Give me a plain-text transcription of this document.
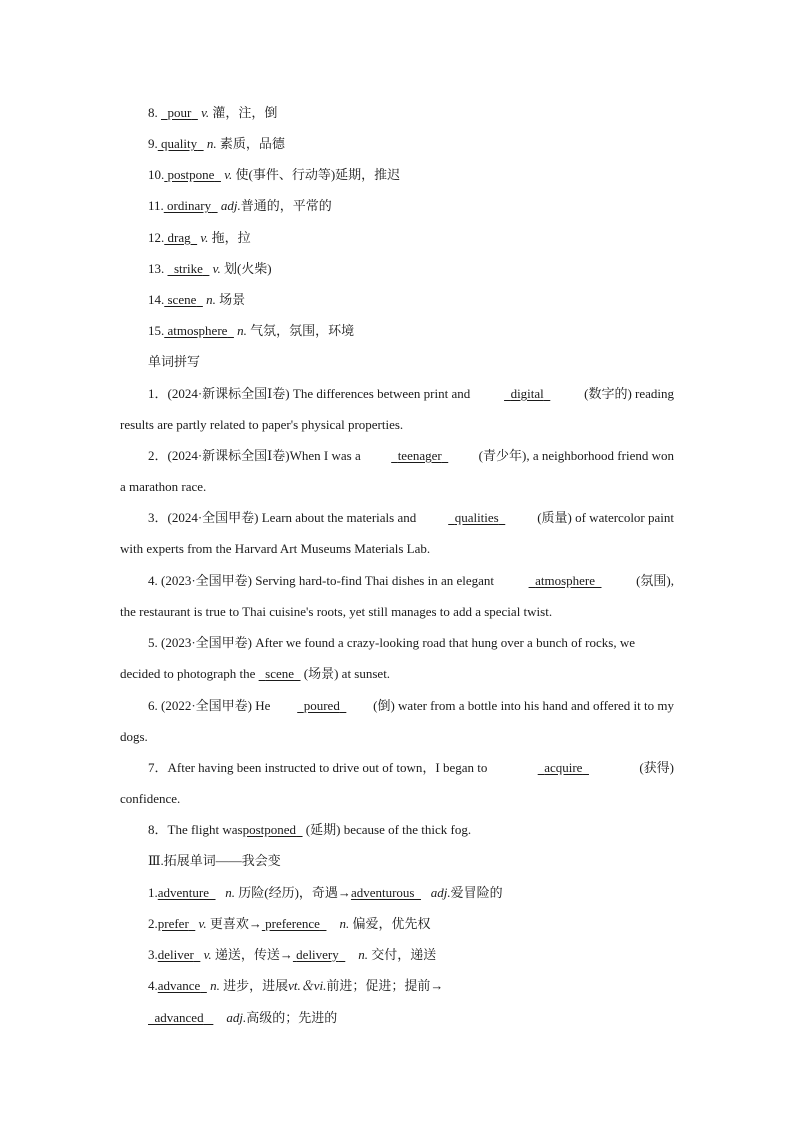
8. pour v. 灌，注，倒
9. quality n. 素质，品德
10. postpone v. 使(事件、行动等)延期，推迟
11. ordinary adj.普通的，平常的
12. drag v. 拖，拉
13. strike v. 划(火柴)
14. scene n. 场景
15. atmosphere n. 气氛，氛围，环境
单词拼写
1．(2024·新课标全国Ⅰ卷) The differences between print and	digital	(数字的) reading
results are partly related to paper's physical properties.
2．(2024·新课标全国Ⅰ卷)When I was a	teenager	(青少年), a neighborhood friend won
a marathon race.
3．(2024·全国甲卷) Learn about the materials and	qualities	(质量) of watercolor paint
with experts from the Harvard Art Museums Materials Lab.
4. (2023·全国甲卷) Serving hard-to-find Thai dishes in an elegant	atmosphere	(氛围),
the restaurant is true to Thai cuisine's roots, yet still manages to add a special twist.
5. (2023·全国甲卷) After we found a crazy-looking road that hung over a bunch of rocks, we
decided to photograph the scene (场景) at sunset.
6. (2022·全国甲卷) He	poured	(倒) water from a bottle into his hand and offered it to my
dogs.
7．After having been instructed to drive out of town，I began to	acquire	(获得)
confidence.
8．The flight waspostponed (延期) because of the thick fog.
Ⅲ.拓展单词——我会变
1.adventure n. 历险(经历)，奇遇→adventurous adj.爱冒险的
2.prefer v. 更喜欢→ preference n. 偏爱，优先权
3.deliver v. 递送，传送→ delivery n. 交付，递送
4.advance n. 进步，进展vt.＆vi.前进；促进；提前→
advanced adj.高级的；先进的
